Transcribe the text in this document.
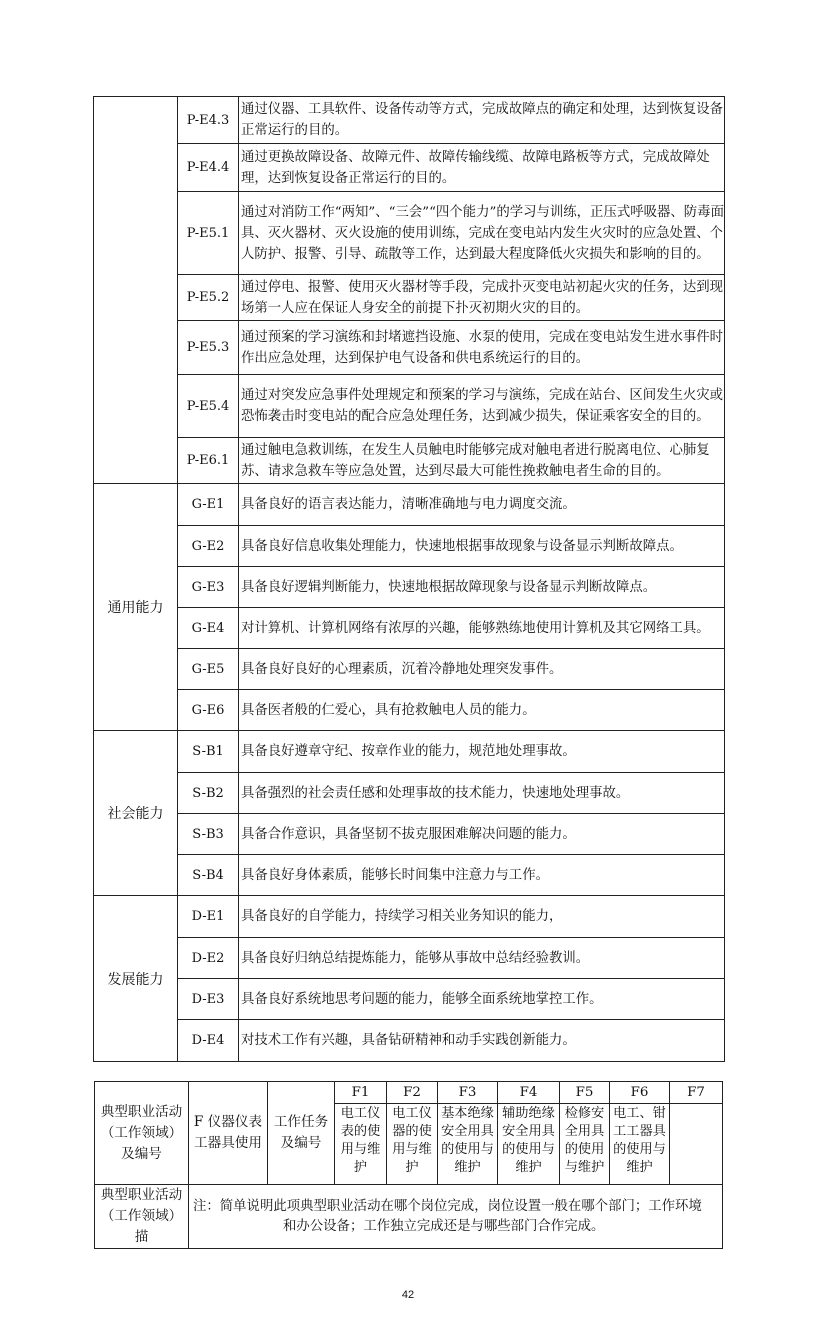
	P-E4.3	通过仪器、工具软件、设备传动等方式，完成故障点的确定和处理，达到恢复设备正常运行的目的。
	P-E4.4	通过更换故障设备、故障元件、故障传输线缆、故障电路板等方式，完成故障处理，达到恢复设备正常运行的目的。
	P-E5.1	通过对消防工作“两知”、“三会”“四个能力”的学习与训练，正压式呼吸器、防毒面具、灭火器材、灭火设施的使用训练，完成在变电站内发生火灾时的应急处置、个人防护、报警、引导、疏散等工作，达到最大程度降低火灾损失和影响的目的。
	P-E5.2	通过停电、报警、使用灭火器材等手段，完成扑灭变电站初起火灾的任务，达到现场第一人应在保证人身安全的前提下扑灭初期火灾的目的。
	P-E5.3	通过预案的学习演练和封堵遮挡设施、水泵的使用，完成在变电站发生进水事件时作出应急处理，达到保护电气设备和供电系统运行的目的。
	P-E5.4	通过对突发应急事件处理规定和预案的学习与演练，完成在站台、区间发生火灾或恐怖袭击时变电站的配合应急处理任务，达到减少损失，保证乘客安全的目的。
	P-E6.1	通过触电急救训练，在发生人员触电时能够完成对触电者进行脱离电位、心肺复苏、请求急救车等应急处置，达到尽最大可能性挽救触电者生命的目的。
通用能力	G-E1	具备良好的语言表达能力，清晰准确地与电力调度交流。
	G-E2	具备良好信息收集处理能力，快速地根据事故现象与设备显示判断故障点。
	G-E3	具备良好逻辑判断能力，快速地根据故障现象与设备显示判断故障点。
	G-E4	对计算机、计算机网络有浓厚的兴趣，能够熟练地使用计算机及其它网络工具。
	G-E5	具备良好良好的心理素质，沉着冷静地处理突发事件。
	G-E6	具备医者般的仁爱心，具有抢救触电人员的能力。
社会能力	S-B1	具备良好遵章守纪、按章作业的能力，规范地处理事故。
	S-B2	具备强烈的社会责任感和处理事故的技术能力，快速地处理事故。
	S-B3	具备合作意识，具备坚韧不拔克服困难解决问题的能力。
	S-B4	具备良好身体素质，能够长时间集中注意力与工作。
发展能力	D-E1	具备良好的自学能力，持续学习相关业务知识的能力，
	D-E2	具备良好归纳总结提炼能力，能够从事故中总结经验教训。
	D-E3	具备良好系统地思考问题的能力，能够全面系统地掌控工作。
	D-E4	对技术工作有兴趣，具备钻研精神和动手实践创新能力。
典型职业活动（工作领域）及编号	F 仪器仪表工器具使用	工作任务及编号	F1	F2	F3	F4	F5	F6	F7
			电工仪表的使用与维护	电工仪器的使用与维护	基本绝缘安全用具的使用与维护	辅助绝缘安全用具的使用与维护	检修安全用具的使用与维护	电工、钳工工器具的使用与维护	
典型职业活动（工作领域）描	注：简单说明此项典型职业活动在哪个岗位完成，岗位设置一般在哪个部门；工作环境
和办公设备；工作独立完成还是与哪些部门合作完成。								
42
